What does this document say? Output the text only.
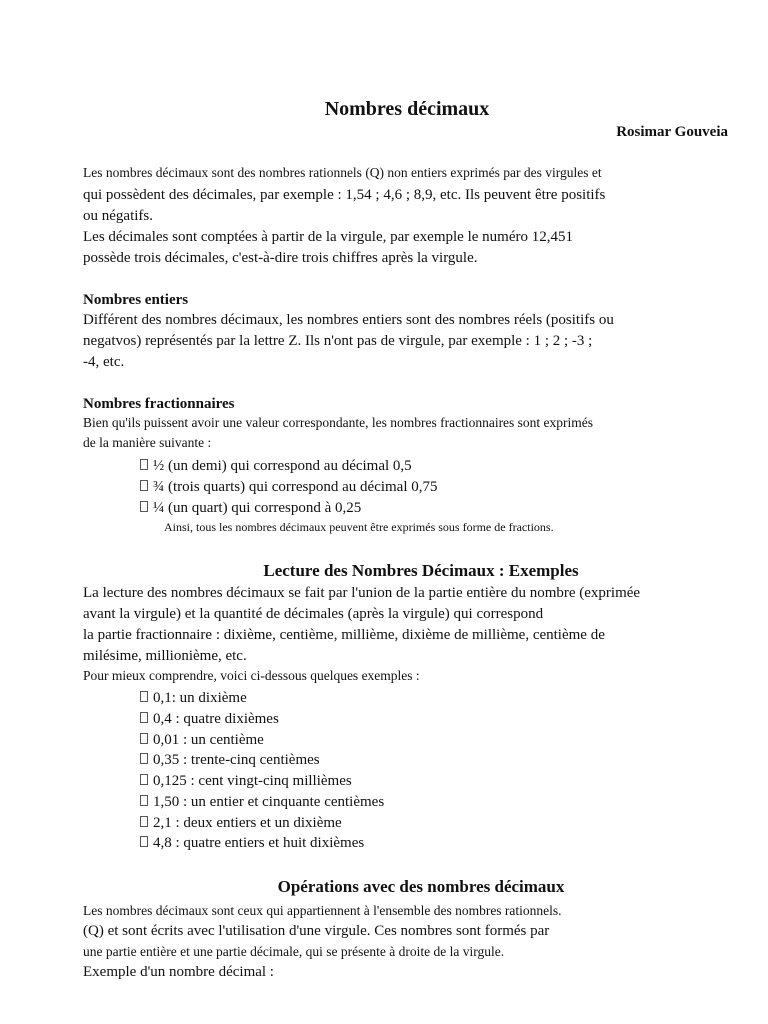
Nombres décimaux
Rosimar Gouveia
Les nombres décimaux sont des nombres rationnels (Q) non entiers exprimés par des virgules et
qui possèdent des décimales, par exemple : 1,54 ; 4,6 ; 8,9, etc. Ils peuvent être positifs
ou négatifs.
Les décimales sont comptées à partir de la virgule, par exemple le numéro 12,451
possède trois décimales, c'est-à-dire trois chiffres après la virgule.
Nombres entiers
Différent des nombres décimaux, les nombres entiers sont des nombres réels (positifs ou
negatvos) représentés par la lettre Z. Ils n'ont pas de virgule, par exemple : 1 ; 2 ; -3 ;
-4, etc.
Nombres fractionnaires
Bien qu'ils puissent avoir une valeur correspondante, les nombres fractionnaires sont exprimés
de la manière suivante :
½ (un demi) qui correspond au décimal 0,5
¾ (trois quarts) qui correspond au décimal 0,75
¼ (un quart) qui correspond à 0,25
Ainsi, tous les nombres décimaux peuvent être exprimés sous forme de fractions.
Lecture des Nombres Décimaux : Exemples
La lecture des nombres décimaux se fait par l'union de la partie entière du nombre (exprimée
avant la virgule) et la quantité de décimales (après la virgule) qui correspond
la partie fractionnaire : dixième, centième, millième, dixième de millième, centième de
milésime, millionième, etc.
Pour mieux comprendre, voici ci-dessous quelques exemples :
0,1: un dixième
0,4 : quatre dixièmes
0,01 : un centième
0,35 : trente-cinq centièmes
0,125 : cent vingt-cinq millièmes
1,50 : un entier et cinquante centièmes
2,1 : deux entiers et un dixième
4,8 : quatre entiers et huit dixièmes
Opérations avec des nombres décimaux
Les nombres décimaux sont ceux qui appartiennent à l'ensemble des nombres rationnels.
(Q) et sont écrits avec l'utilisation d'une virgule. Ces nombres sont formés par
une partie entière et une partie décimale, qui se présente à droite de la virgule.
Exemple d'un nombre décimal :
